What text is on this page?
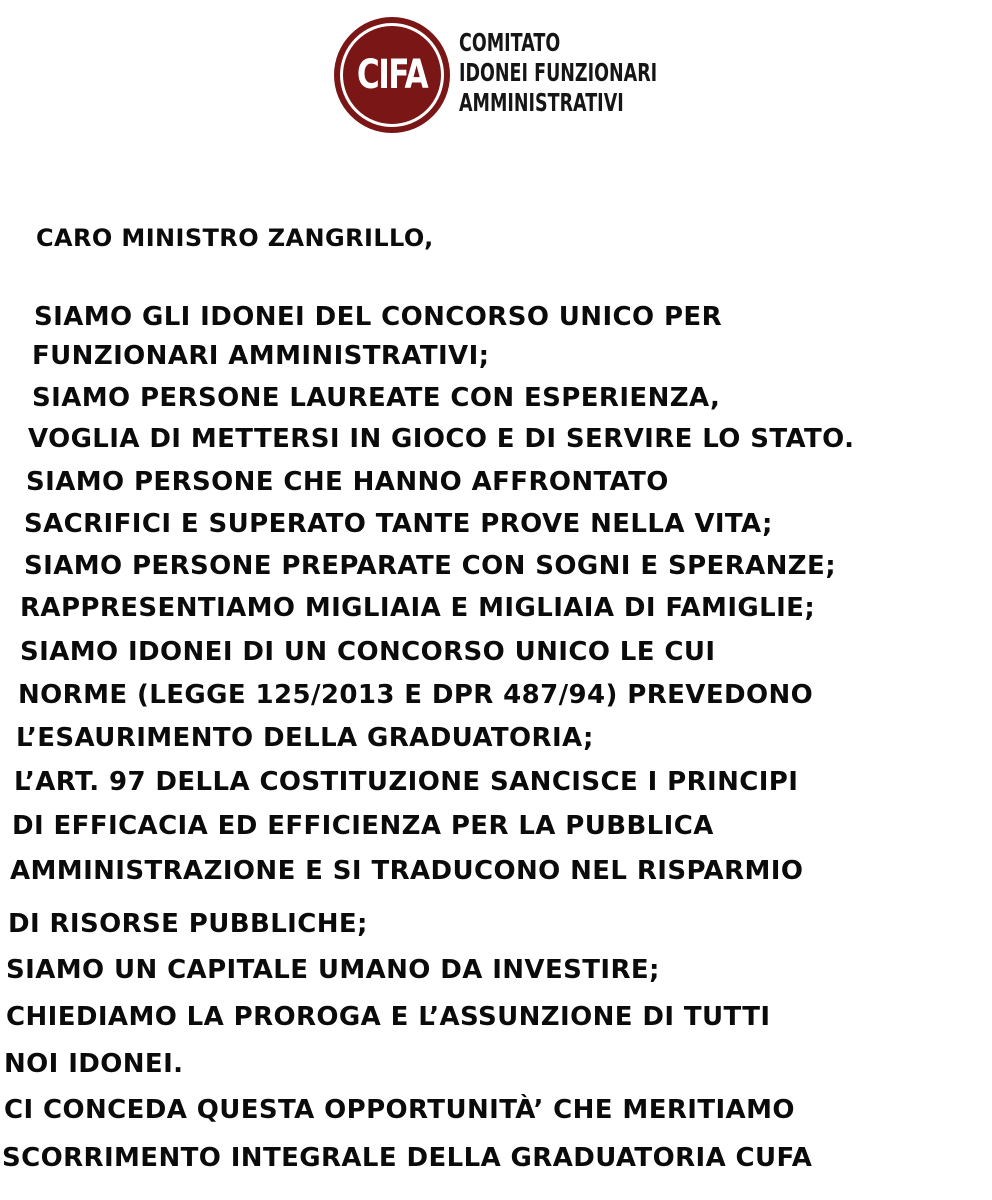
CIFA
COMITATO
IDONEI FUNZIONARI
AMMINISTRATIVI
CARO MINISTRO ZANGRILLO,
SIAMO GLI IDONEI DEL CONCORSO UNICO PER
FUNZIONARI AMMINISTRATIVI;
SIAMO PERSONE LAUREATE CON ESPERIENZA,
VOGLIA DI METTERSI IN GIOCO E DI SERVIRE LO STATO.
SIAMO PERSONE CHE HANNO AFFRONTATO
SACRIFICI E SUPERATO TANTE PROVE NELLA VITA;
SIAMO PERSONE PREPARATE CON SOGNI E SPERANZE;
RAPPRESENTIAMO MIGLIAIA E MIGLIAIA DI FAMIGLIE;
SIAMO IDONEI DI UN CONCORSO UNICO LE CUI
NORME (LEGGE 125/2013 E DPR 487/94) PREVEDONO
L’ESAURIMENTO DELLA GRADUATORIA;
L’ART. 97 DELLA COSTITUZIONE SANCISCE I PRINCIPI
DI EFFICACIA ED EFFICIENZA PER LA PUBBLICA
AMMINISTRAZIONE E SI TRADUCONO NEL RISPARMIO
DI RISORSE PUBBLICHE;
SIAMO UN CAPITALE UMANO DA INVESTIRE;
CHIEDIAMO LA PROROGA E L’ASSUNZIONE DI TUTTI
NOI IDONEI.
CI CONCEDA QUESTA OPPORTUNITÀ’ CHE MERITIAMO
SCORRIMENTO INTEGRALE DELLA GRADUATORIA CUFA
